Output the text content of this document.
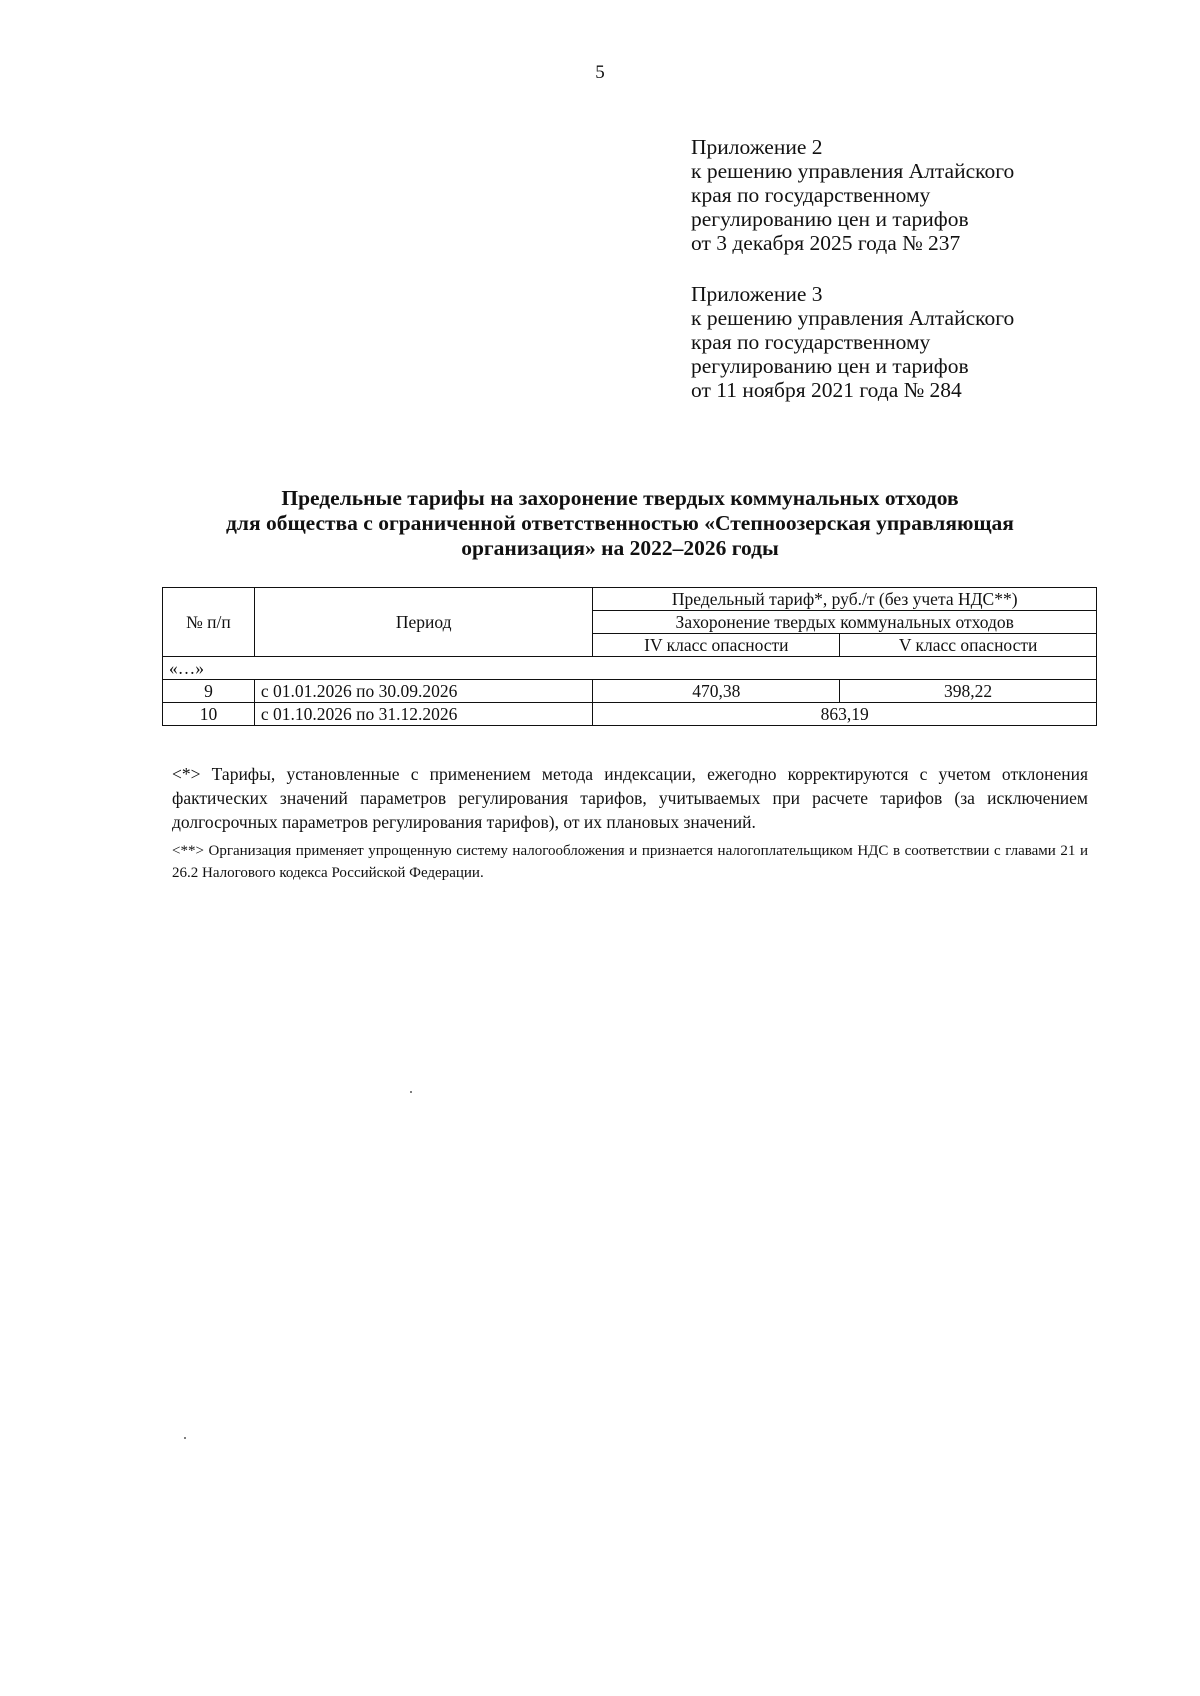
5
Приложение 2
к решению управления Алтайского
края по государственному
регулированию цен и тарифов
от 3 декабря 2025 года № 237
Приложение 3
к решению управления Алтайского
края по государственному
регулированию цен и тарифов
от 11 ноября 2021 года № 284
Предельные тарифы на захоронение твердых коммунальных отходов
для общества с ограниченной ответственностью «Степноозерская управляющая
организация» на 2022–2026 годы
№ п/п	Период	Предельный тариф*, руб./т (без учета НДС**)	
		Захоронение твердых коммунальных отходов	
		IV класс опасности	V класс опасности
«…»			
9	с 01.01.2026 по 30.09.2026	470,38	398,22
10	с 01.10.2026 по 31.12.2026	863,19	

<*> Тарифы, установленные с применением метода индексации, ежегодно корректируются с учетом отклонения фактических значений параметров регулирования тарифов, учитываемых при расчете тарифов (за исключением долгосрочных параметров регулирования тарифов), от их плановых значений.

<**> Организация применяет упрощенную систему налогообложения и признается налогоплательщиком НДС в соответствии с главами 21 и 26.2 Налогового кодекса Российской Федерации.
